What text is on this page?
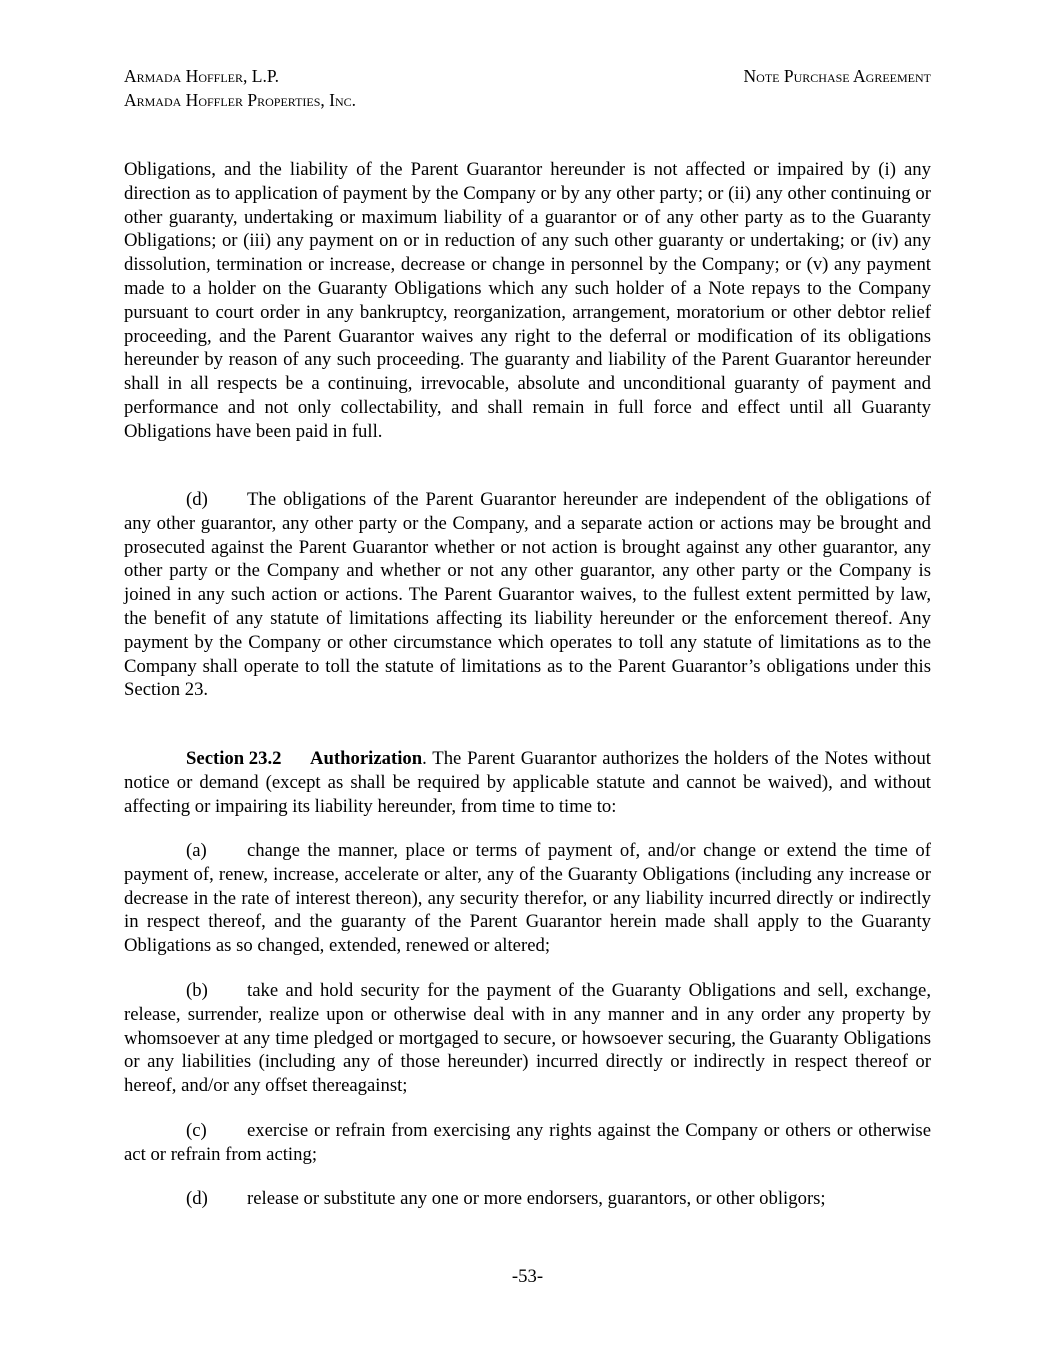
Armada Hoffler, L.P.
Armada Hoffler Properties, Inc.
Note Purchase Agreement
Obligations, and the liability of the Parent Guarantor hereunder is not affected or impaired by (i) any direction as to application of payment by the Company or by any other party; or (ii) any other continuing or other guaranty, undertaking or maximum liability of a guarantor or of any other party as to the Guaranty Obligations; or (iii) any payment on or in reduction of any such other guaranty or undertaking; or (iv) any dissolution, termination or increase, decrease or change in personnel by the Company; or (v) any payment made to a holder on the Guaranty Obligations which any such holder of a Note repays to the Company pursuant to court order in any bankruptcy, reorganization, arrangement, moratorium or other debtor relief proceeding, and the Parent Guarantor waives any right to the deferral or modification of its obligations hereunder by reason of any such proceeding. The guaranty and liability of the Parent Guarantor hereunder shall in all respects be a continuing, irrevocable, absolute and unconditional guaranty of payment and performance and not only collectability, and shall remain in full force and effect until all Guaranty Obligations have been paid in full.
(d) The obligations of the Parent Guarantor hereunder are independent of the obligations of any other guarantor, any other party or the Company, and a separate action or actions may be brought and prosecuted against the Parent Guarantor whether or not action is brought against any other guarantor, any other party or the Company and whether or not any other guarantor, any other party or the Company is joined in any such action or actions. The Parent Guarantor waives, to the fullest extent permitted by law, the benefit of any statute of limitations affecting its liability hereunder or the enforcement thereof. Any payment by the Company or other circumstance which operates to toll any statute of limitations as to the Company shall operate to toll the statute of limitations as to the Parent Guarantor’s obligations under this Section 23.
Section 23.2 Authorization. The Parent Guarantor authorizes the holders of the Notes without notice or demand (except as shall be required by applicable statute and cannot be waived), and without affecting or impairing its liability hereunder, from time to time to:
(a) change the manner, place or terms of payment of, and/or change or extend the time of payment of, renew, increase, accelerate or alter, any of the Guaranty Obligations (including any increase or decrease in the rate of interest thereon), any security therefor, or any liability incurred directly or indirectly in respect thereof, and the guaranty of the Parent Guarantor herein made shall apply to the Guaranty Obligations as so changed, extended, renewed or altered;
(b) take and hold security for the payment of the Guaranty Obligations and sell, exchange, release, surrender, realize upon or otherwise deal with in any manner and in any order any property by whomsoever at any time pledged or mortgaged to secure, or howsoever securing, the Guaranty Obligations or any liabilities (including any of those hereunder) incurred directly or indirectly in respect thereof or hereof, and/or any offset thereagainst;
(c) exercise or refrain from exercising any rights against the Company or others or otherwise act or refrain from acting;
(d) release or substitute any one or more endorsers, guarantors, or other obligors;
-53-
